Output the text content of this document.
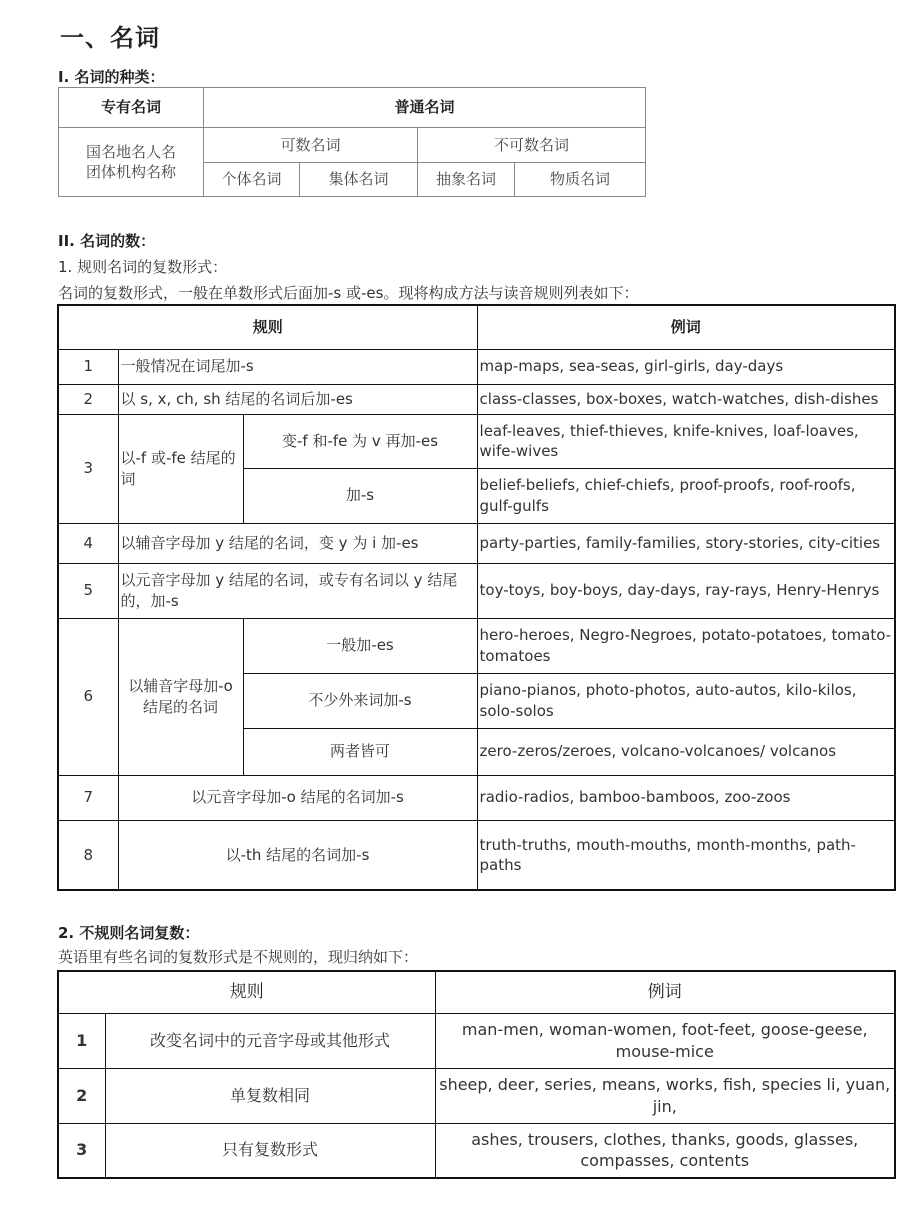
一、名词
I. 名词的种类：
专有名词	普通名词			

国名地名人名
团体机构名称	可数名词		不可数名词	
	个体名词	集体名词	抽象名词	物质名词
II. 名词的数：
1. 规则名词的复数形式：
名词的复数形式，一般在单数形式后面加-s 或-es。现将构成方法与读音规则列表如下：
规则			例词
1	一般情况在词尾加-s		map-maps, sea-seas, girl-girls, day-days
2	以 s, x, ch, sh 结尾的名词后加-es		class-classes, box-boxes, watch-watches, dish-dishes
3	以-f 或-fe 结尾的词	变-f 和-fe 为 v 再加-es	leaf-leaves, thief-thieves, knife-knives, loaf-loaves, wife-wives
		加-s	belief-beliefs, chief-chiefs, proof-proofs, roof-roofs, gulf-gulfs
4	以辅音字母加 y 结尾的名词，变 y 为 i 加-es		party-parties, family-families, story-stories, city-cities
5	以元音字母加 y 结尾的名词，或专有名词以 y 结尾的，加-s		toy-toys, boy-boys, day-days, ray-rays, Henry-Henrys
6	以辅音字母加-o 结尾的名词	一般加-es	hero-heroes, Negro-Negroes, potato-potatoes, tomato-tomatoes
		不少外来词加-s	piano-pianos, photo-photos, auto-autos, kilo-kilos, solo-solos
		两者皆可	zero-zeros/zeroes, volcano-volcanoes/ volcanos
7	以元音字母加-o 结尾的名词加-s		radio-radios, bamboo-bamboos, zoo-zoos
8	以-th 结尾的名词加-s		truth-truths, mouth-mouths, month-months, path-paths
2. 不规则名词复数：
英语里有些名词的复数形式是不规则的，现归纳如下：
规则		例词
1	改变名词中的元音字母或其他形式	man-men, woman-women, foot-feet, goose-geese, mouse-mice
2	单复数相同	sheep, deer, series, means, works, fish, species li, yuan, jin,
3	只有复数形式	ashes, trousers, clothes, thanks, goods, glasses, compasses, contents
